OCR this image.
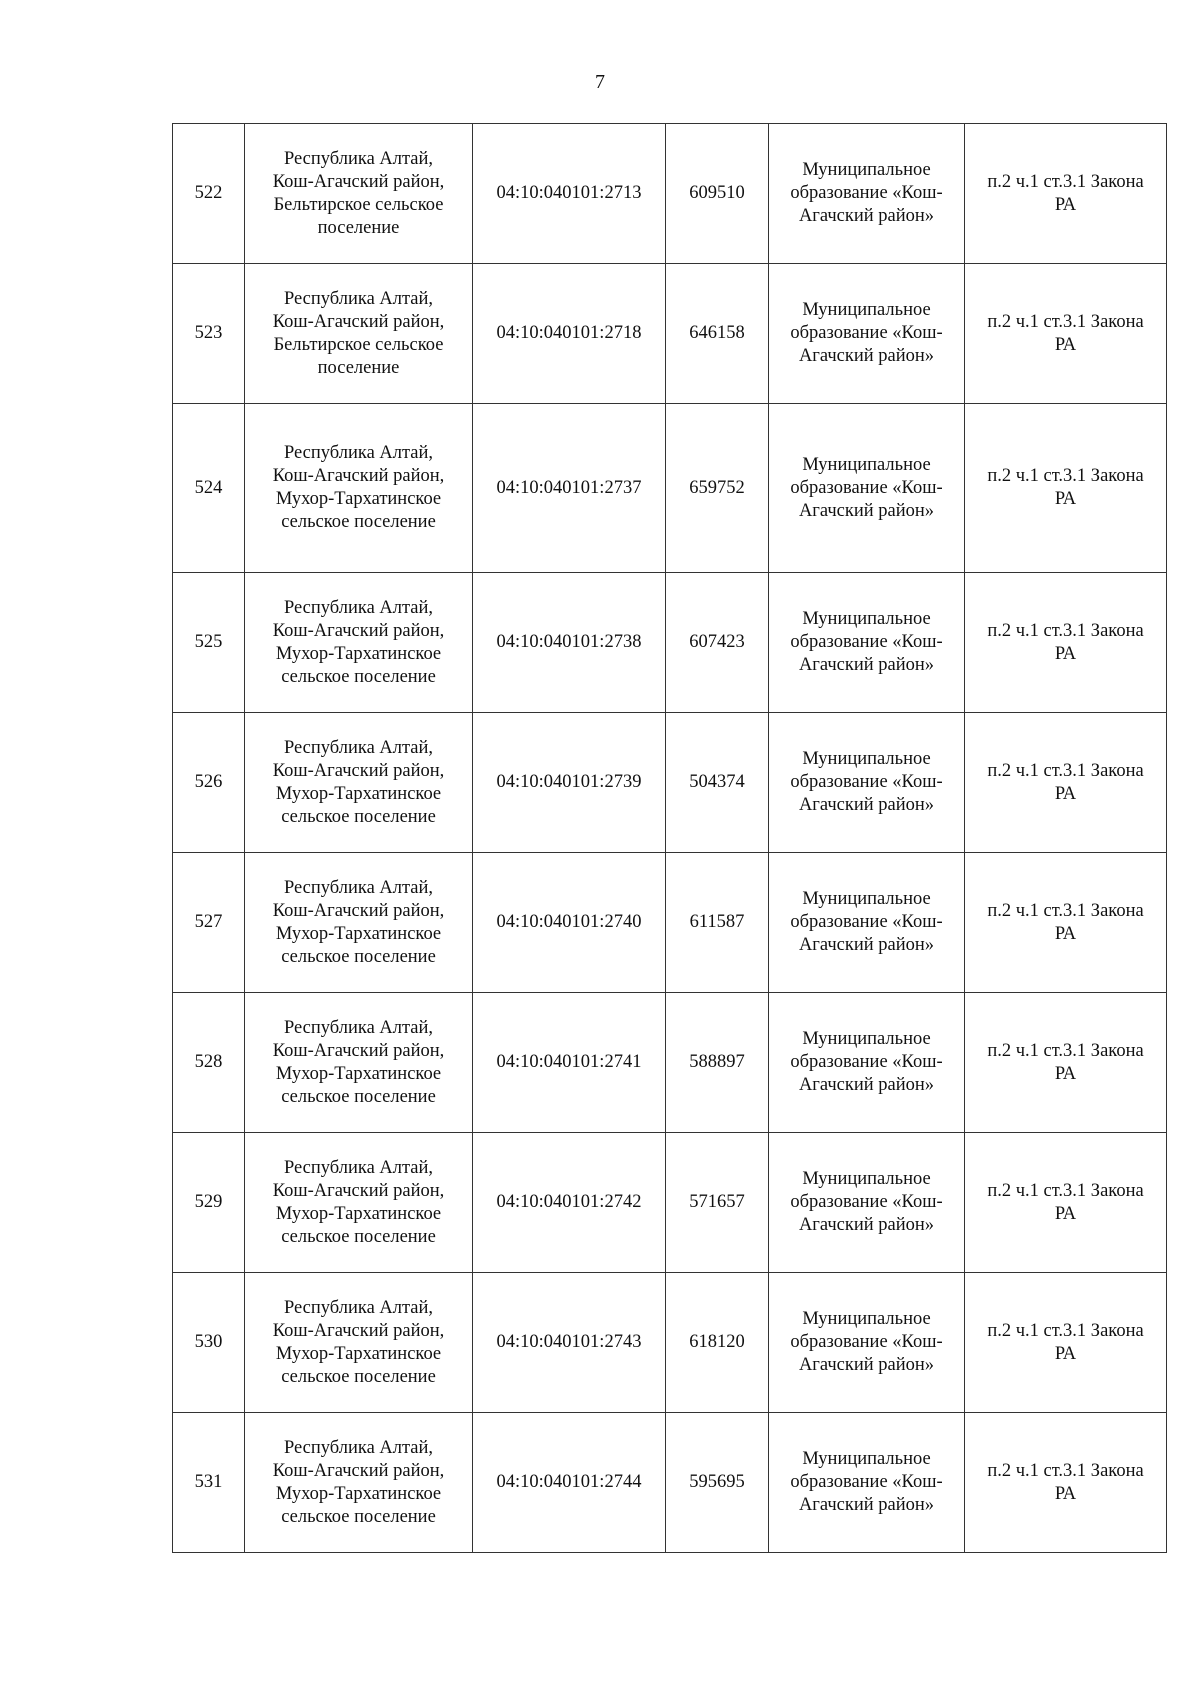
7
522	Республика Алтай,
Кош-Агачский район,
Бельтирское сельское
поселение	04:10:040101:2713	609510	Муниципальное
образование «Кош-
Агачский район»	п.2 ч.1 ст.3.1 Закона
РА

523	Республика Алтай,
Кош-Агачский район,
Бельтирское сельское
поселение	04:10:040101:2718	646158	Муниципальное
образование «Кош-
Агачский район»	п.2 ч.1 ст.3.1 Закона
РА

524	Республика Алтай,
Кош-Агачский район,
Мухор-Тархатинское
сельское поселение	04:10:040101:2737	659752	Муниципальное
образование «Кош-
Агачский район»	п.2 ч.1 ст.3.1 Закона
РА

525	Республика Алтай,
Кош-Агачский район,
Мухор-Тархатинское
сельское поселение	04:10:040101:2738	607423	Муниципальное
образование «Кош-
Агачский район»	п.2 ч.1 ст.3.1 Закона
РА

526	Республика Алтай,
Кош-Агачский район,
Мухор-Тархатинское
сельское поселение	04:10:040101:2739	504374	Муниципальное
образование «Кош-
Агачский район»	п.2 ч.1 ст.3.1 Закона
РА

527	Республика Алтай,
Кош-Агачский район,
Мухор-Тархатинское
сельское поселение	04:10:040101:2740	611587	Муниципальное
образование «Кош-
Агачский район»	п.2 ч.1 ст.3.1 Закона
РА

528	Республика Алтай,
Кош-Агачский район,
Мухор-Тархатинское
сельское поселение	04:10:040101:2741	588897	Муниципальное
образование «Кош-
Агачский район»	п.2 ч.1 ст.3.1 Закона
РА

529	Республика Алтай,
Кош-Агачский район,
Мухор-Тархатинское
сельское поселение	04:10:040101:2742	571657	Муниципальное
образование «Кош-
Агачский район»	п.2 ч.1 ст.3.1 Закона
РА

530	Республика Алтай,
Кош-Агачский район,
Мухор-Тархатинское
сельское поселение	04:10:040101:2743	618120	Муниципальное
образование «Кош-
Агачский район»	п.2 ч.1 ст.3.1 Закона
РА

531	Республика Алтай,
Кош-Агачский район,
Мухор-Тархатинское
сельское поселение	04:10:040101:2744	595695	Муниципальное
образование «Кош-
Агачский район»	п.2 ч.1 ст.3.1 Закона
РА
